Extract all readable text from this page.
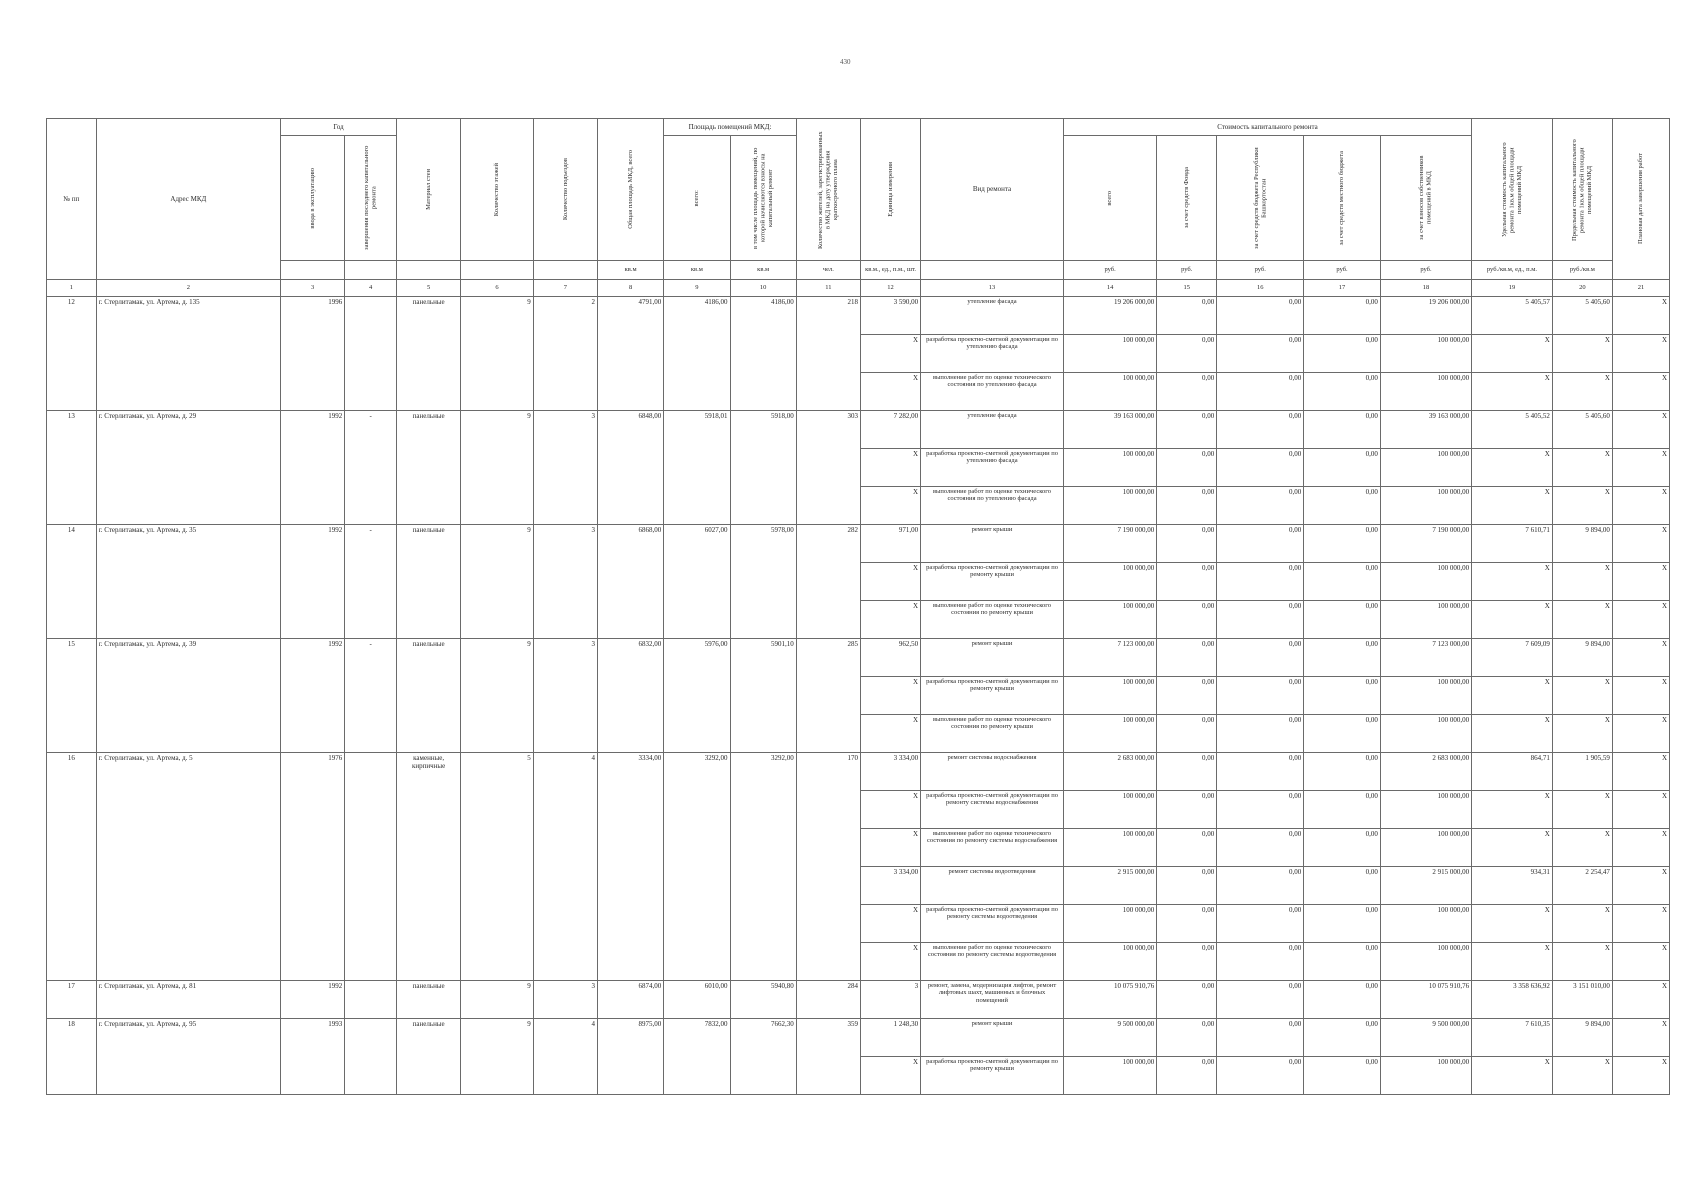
430
№ пп	Адрес МКД	Год		Материал стен	Количество этажей	Количество подъездов	Общая площадь МКД, всего	Площадь помещений МКД:		Количество жителей, зарегистрированных в МКД на дату утверждения краткосрочного плана	Единица измерения	Вид ремонта	Стоимость капитального ремонта					Удельная стоимость капитального ремонта 1кв.м общей площади помещений МКД	Предельная стоимость капитального ремонта 1кв.м общей площади помещений МКД	Плановая дата завершения работ

		ввода в эксплуатацию	завершения последнего капитального ремонта					всего:	в том числе площадь помещений, по которой начисляются взносы на капитальный ремонт				всего	за счет средств Фонда	за счет средств бюджета Республики Башкортостан	за счет средств местного бюджета	за счет взносов собственников помещений в МКД			

							кв.м	кв.м	кв.м	чел.	кв.м., ед., п.м., шт.		руб.	руб.	руб.	руб.	руб.	руб./кв.м, ед., п.м.	руб./кв.м	
1	2	3	4	5	6	7	8	9	10	11	12	13	14	15	16	17	18	19	20	21
12	г. Стерлитамак, ул. Артема, д. 135	1996		панельные	9	2	4791,00	4186,00	4186,00	218	3 590,00	утепление фасада	19 206 000,00	0,00	0,00	0,00	19 206 000,00	5 405,57	5 405,60	X
											X	разработка проектно-сметной документации по утеплению фасада	100 000,00	0,00	0,00	0,00	100 000,00	X	X	X
											X	выполнение работ по оценке технического состояния по утеплению фасада	100 000,00	0,00	0,00	0,00	100 000,00	X	X	X
13	г. Стерлитамак, ул. Артема, д. 29	1992	-	панельные	9	3	6848,00	5918,01	5918,00	303	7 282,00	утепление фасада	39 163 000,00	0,00	0,00	0,00	39 163 000,00	5 405,52	5 405,60	X
											X	разработка проектно-сметной документации по утеплению фасада	100 000,00	0,00	0,00	0,00	100 000,00	X	X	X
											X	выполнение работ по оценке технического состояния по утеплению фасада	100 000,00	0,00	0,00	0,00	100 000,00	X	X	X
14	г. Стерлитамак, ул. Артема, д. 35	1992	-	панельные	9	3	6868,00	6027,00	5978,00	282	971,00	ремонт крыши	7 190 000,00	0,00	0,00	0,00	7 190 000,00	7 610,71	9 894,00	X
											X	разработка проектно-сметной документации по ремонту крыши	100 000,00	0,00	0,00	0,00	100 000,00	X	X	X
											X	выполнение работ по оценке технического состояния по ремонту крыши	100 000,00	0,00	0,00	0,00	100 000,00	X	X	X
15	г. Стерлитамак, ул. Артема, д. 39	1992	-	панельные	9	3	6832,00	5976,00	5901,10	285	962,50	ремонт крыши	7 123 000,00	0,00	0,00	0,00	7 123 000,00	7 609,09	9 894,00	X
											X	разработка проектно-сметной документации по ремонту крыши	100 000,00	0,00	0,00	0,00	100 000,00	X	X	X
											X	выполнение работ по оценке технического состояния по ремонту крыши	100 000,00	0,00	0,00	0,00	100 000,00	X	X	X
16	г. Стерлитамак, ул. Артема, д. 5	1976		каменные, кирпичные	5	4	3334,00	3292,00	3292,00	170	3 334,00	ремонт системы водоснабжения	2 683 000,00	0,00	0,00	0,00	2 683 000,00	864,71	1 905,59	X
											X	разработка проектно-сметной документации по ремонту системы водоснабжения	100 000,00	0,00	0,00	0,00	100 000,00	X	X	X
											X	выполнение работ по оценке технического состояния по ремонту системы водоснабжения	100 000,00	0,00	0,00	0,00	100 000,00	X	X	X
											3 334,00	ремонт системы водоотведения	2 915 000,00	0,00	0,00	0,00	2 915 000,00	934,31	2 254,47	X
											X	разработка проектно-сметной документации по ремонту системы водоотведения	100 000,00	0,00	0,00	0,00	100 000,00	X	X	X
											X	выполнение работ по оценке технического состояния по ремонту системы водоотведения	100 000,00	0,00	0,00	0,00	100 000,00	X	X	X
17	г. Стерлитамак, ул. Артема, д. 81	1992		панельные	9	3	6874,00	6010,00	5940,80	284	3	ремонт, замена, модернизация лифтов, ремонт лифтовых шахт, машинных и блочных помещений	10 075 910,76	0,00	0,00	0,00	10 075 910,76	3 358 636,92	3 151 010,00	X
18	г. Стерлитамак, ул. Артема, д. 95	1993		панельные	9	4	8975,00	7832,00	7662,30	359	1 248,30	ремонт крыши	9 500 000,00	0,00	0,00	0,00	9 500 000,00	7 610,35	9 894,00	X
											X	разработка проектно-сметной документации по ремонту крыши	100 000,00	0,00	0,00	0,00	100 000,00	X	X	X
